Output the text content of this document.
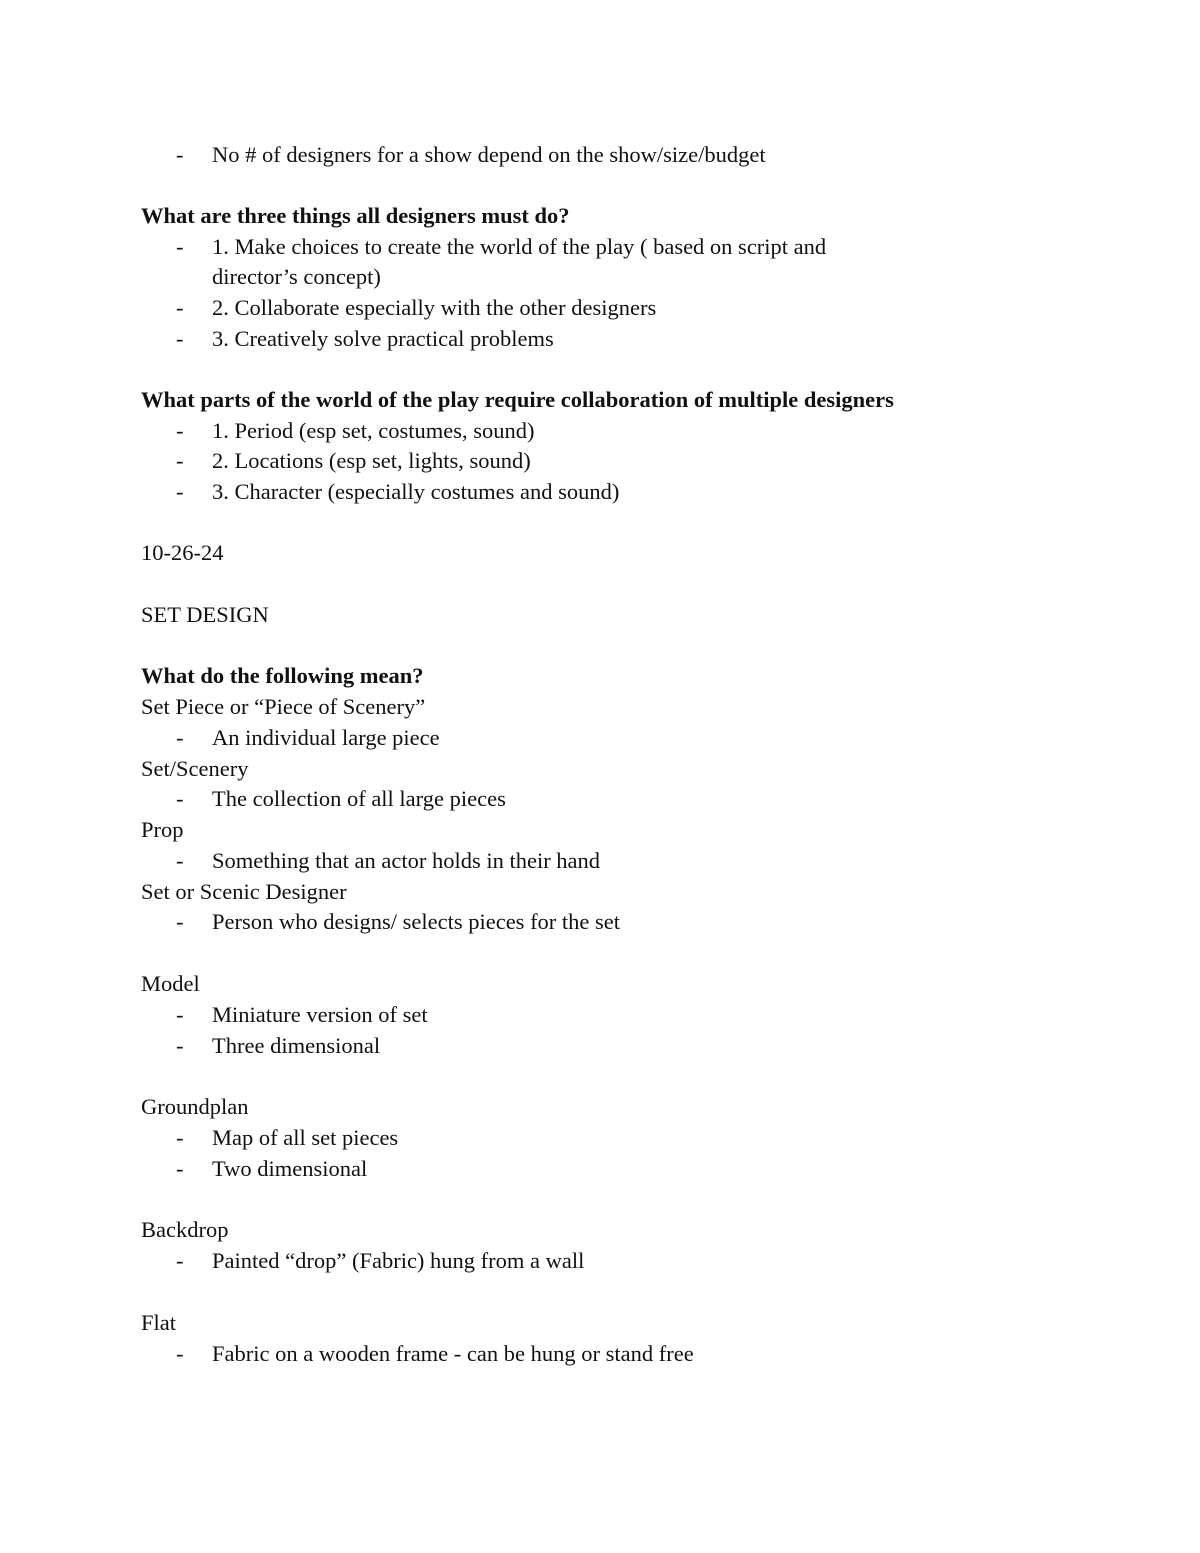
- No # of designers for a show depend on the show/size/budget
What are three things all designers must do?
- 1. Make choices to create the world of the play ( based on script and
director’s concept)
- 2. Collaborate especially with the other designers
- 3. Creatively solve practical problems
What parts of the world of the play require collaboration of multiple designers
- 1. Period (esp set, costumes, sound)
- 2. Locations (esp set, lights, sound)
- 3. Character (especially costumes and sound)
10-26-24
SET DESIGN
What do the following mean?
Set Piece or “Piece of Scenery”
- An individual large piece
Set/Scenery
- The collection of all large pieces
Prop
- Something that an actor holds in their hand
Set or Scenic Designer
- Person who designs/ selects pieces for the set
Model
- Miniature version of set
- Three dimensional
Groundplan
- Map of all set pieces
- Two dimensional
Backdrop
- Painted “drop” (Fabric) hung from a wall
Flat
- Fabric on a wooden frame - can be hung or stand free
